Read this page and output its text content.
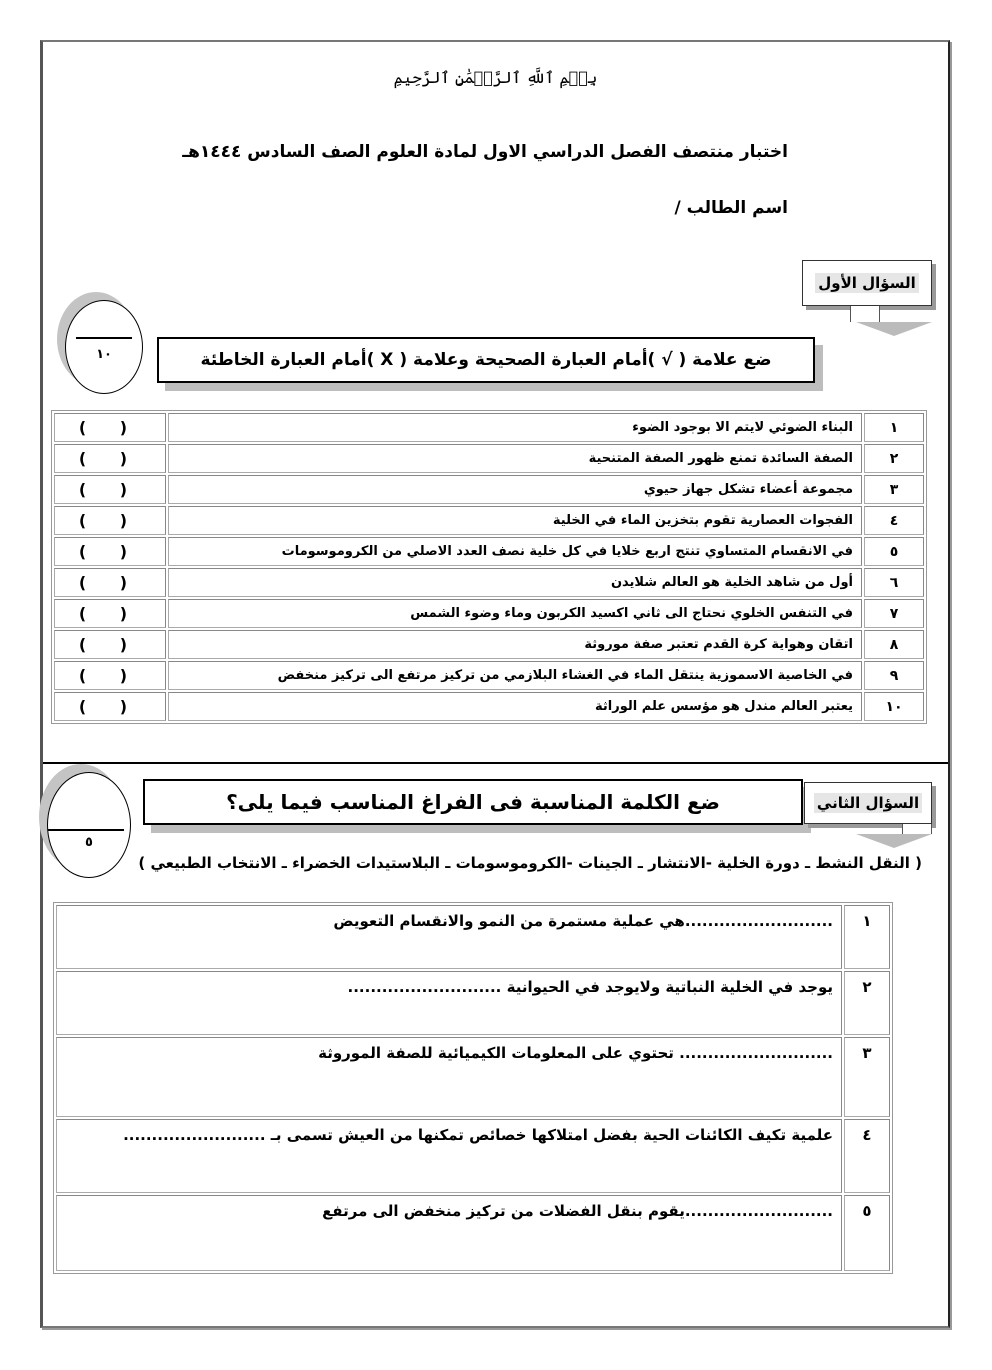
بِسۡمِ ٱللَّهِ ٱلرَّحۡمَٰنِ ٱلرَّحِيمِ
اختبار منتصف الفصل الدراسي الاول لمادة العلوم الصف السادس ١٤٤٤هـ
اسم الطالب /
السؤال الأول
١٠	ضع علامة ( √ )أمام العبارة الصحيحة وعلامة ( X )أمام العبارة الخاطئة
١	البناء الضوئي لايتم الا بوجود الضوء	( )
٢	الصفة السائدة تمنع ظهور الصفة المتنحية	( )
٣	مجموعة أعضاء تشكل جهاز حيوي	( )
٤	الفجوات العصارية تقوم بتخزين الماء في الخلية	( )
٥	في الانقسام المتساوي تنتج اربع خلايا في كل خلية نصف العدد الاصلي من الكروموسومات	( )
٦	أول من شاهد الخلية هو العالم شلايدن	( )
٧	في التنفس الخلوي نحتاج الى ثاني اكسيد الكربون وماء وضوء الشمس	( )
٨	اتقان وهواية كرة القدم تعتبر صفة موروثة	( )
٩	في الخاصية الاسموزية ينتقل الماء في الغشاء البلازمي من تركيز مرتفع الى تركيز منخفض	( )
١٠	يعتبر العالم مندل هو مؤسس علم الوراثة	( )
٥
ضع الكلمة المناسبة فى الفراغ المناسب فيما يلى؟	السؤال الثاني
( النقل النشط ـ دورة الخلية -الانتشار ـ الجينات -الكروموسومات ـ البلاستيدات الخضراء ـ الانتخاب الطبيعي )
١	..........................هي عملية مستمرة من النمو والانقسام التعويض
٢	يوجد في الخلية النباتية ولايوجد في الحيوانية ...........................
٣	........................... تحتوي على المعلومات الكيميائية للصفة الموروثة
٤	علمية تكيف الكائنات الحية بفضل امتلاكها خصائص تمكنها من العيش تسمى بـ .........................
٥	..........................يقوم بنقل الفضلات من تركيز منخفض الى مرتفع
